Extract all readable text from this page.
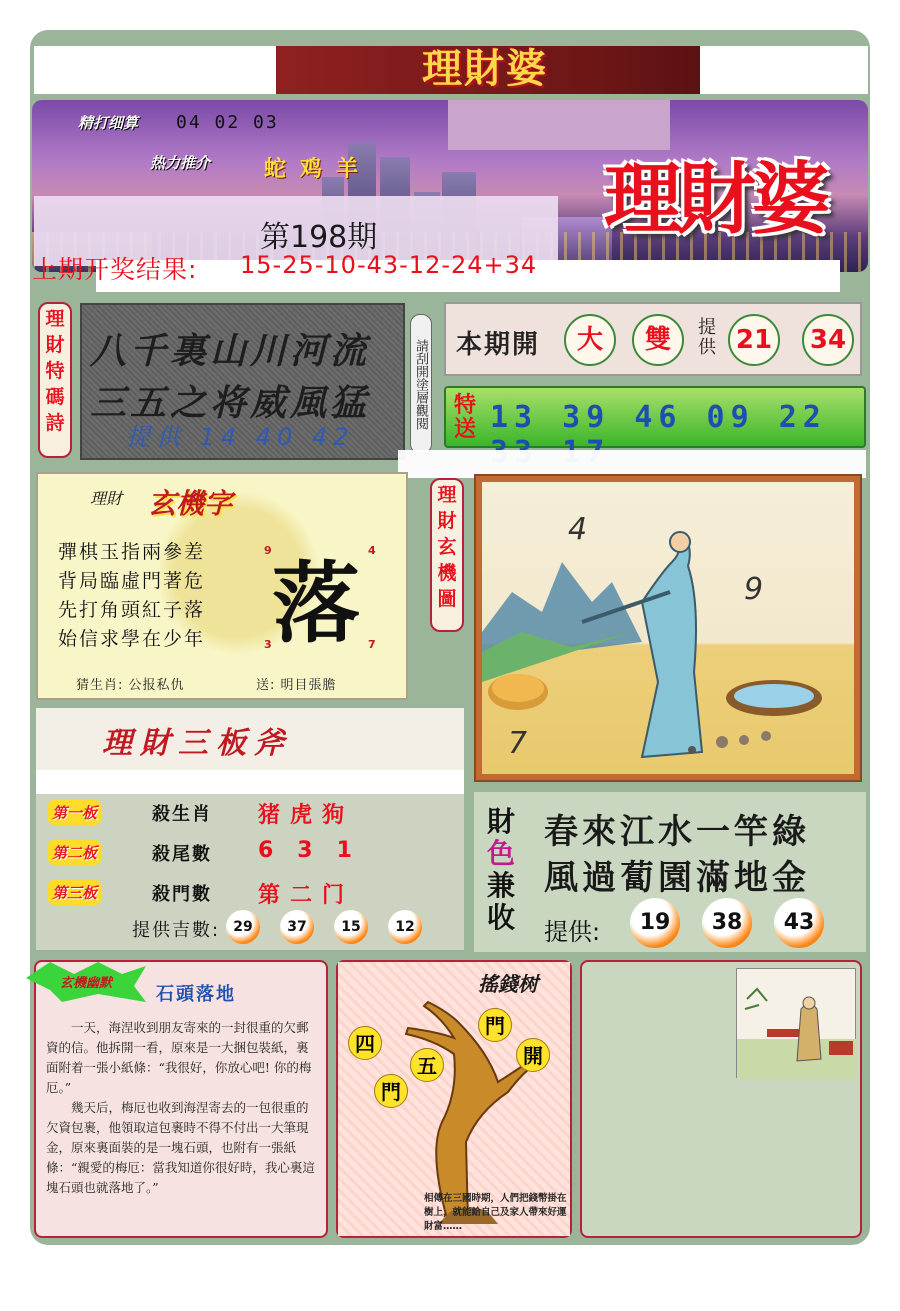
理財婆
精打细算 04 02 03
热力推介 蛇鸡羊	理財婆
第198期
上期开奖结果: 15-25-10-43-12-24+34
理
財
特
碼
詩
八千裏山川河流
三五之将威風猛
提供 14 40 42
請刮開塗層觀閱 本期開	大	雙	提供 21	34
特送 13 39 46 09 22
理財 玄機字
彈棋玉指兩參差
背局臨虛門著危
先打角頭紅子落
始信求學在少年 落
9	4
3	7
猜生肖: 公报私仇	送: 明目張膽
理
財
玄
機
圖
4
9
7
理財三板斧
第一板	殺生肖 猪虎狗
第二板	殺尾數 631
第三板	殺門數 第二门
提供吉數: 29	37	15	12
財
色
兼
收
春來江水一竿綠
風過蔔園滿地金
提供:	19	38	43
玄機幽默
石頭落地
一天，海涅收到朋友寄來的一封很重的欠郵資的信。他拆開一看，原來是一大捆包裝紙，裏面附着一張小紙條：“我很好，你放心吧! 你的梅厄。”
幾天后，梅厄也收到海涅寄去的一包很重的欠資包裹，他領取這包裹時不得不付出一大筆現金，原來裏面裝的是一塊石頭，也附有一張紙條：“親愛的梅厄：當我知道你很好時，我心裏這塊石頭也就落地了。”
搖錢树
四
門
門
五	開
相傳在三國時期，人們把錢幣掛在樹上，就能給自己及家人帶來好運財富……
